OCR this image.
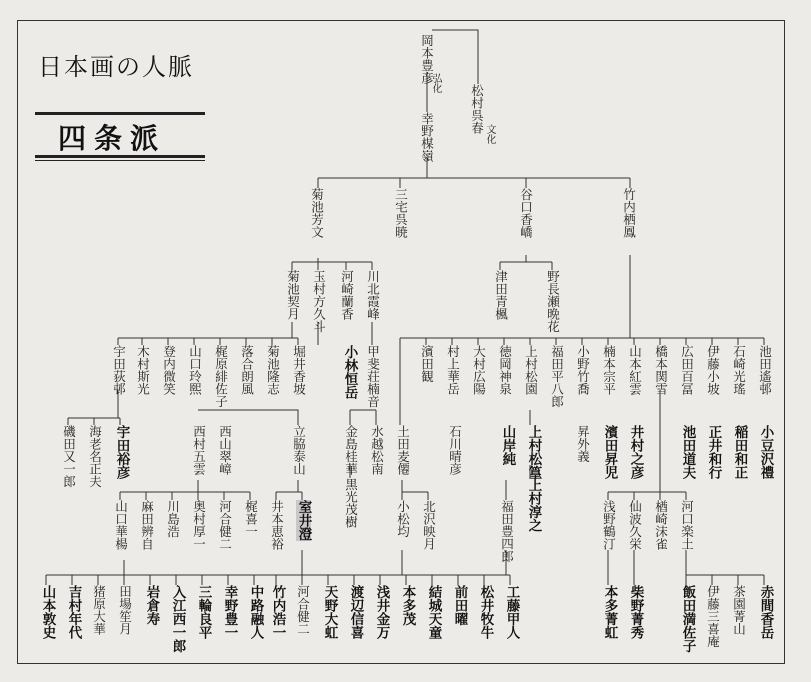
日本画の人脈
四条派
岡本豊彦
弘化
松村呉春 文化
幸野楳嶺
菊池芳文	三宅呉暁	谷口香嶠	竹内栖鳳
菊池契月 玉村方久斗 河崎蘭香 川北霞峰	津田青楓	野長瀬晩花
小林恒岳 甲斐荘楠音
宇田荻邨 木村斯光 登内微笑 山口玲煕 梶原緋佐子 落合朗風 菊池隆志 堀井香坡	濱田観 村上華岳 大村広陽 徳岡神泉 上村松園 福田平八郎 小野竹喬	橋本関雪
楠本宗平 山本紅雲	広田百冨 伊藤小坡 石崎光瑤 池田遙邨
磯田又一郎 海老名正夫 宇田裕彦	西村五雲 西山翠嶂	立脇泰山	金島桂華 水越松南 土田麦僊	石川晴彦	山岸純 上村松篁	昇外義 濱田昇児 井村之彦	池田道夫 正井和行 稲田和正 小豆沢禮
上村淳之
黒光茂樹
山口華楊 麻田辨自 川島浩 奥村厚一 河合健二 梶喜一 井本恵裕 室井澄	小松均 北沢映月	福田豊四郎	浅野鶴汀 仙波久栄 楢崎沫雀 河口楽土
山本敦史 吉村年代 猪原大華 田場笙月 岩倉寿 入江西一郎 三輪良平 幸野豊一 中路融人 竹内浩一 河合健二 天野大虹 渡辺信喜 浅井金万 本多茂 結城天童 前田曜 松井牧牛 工藤甲人	本多菁虹 柴野菁秀	飯田満佐子 伊藤三喜庵 茶園菁山 赤間香岳
